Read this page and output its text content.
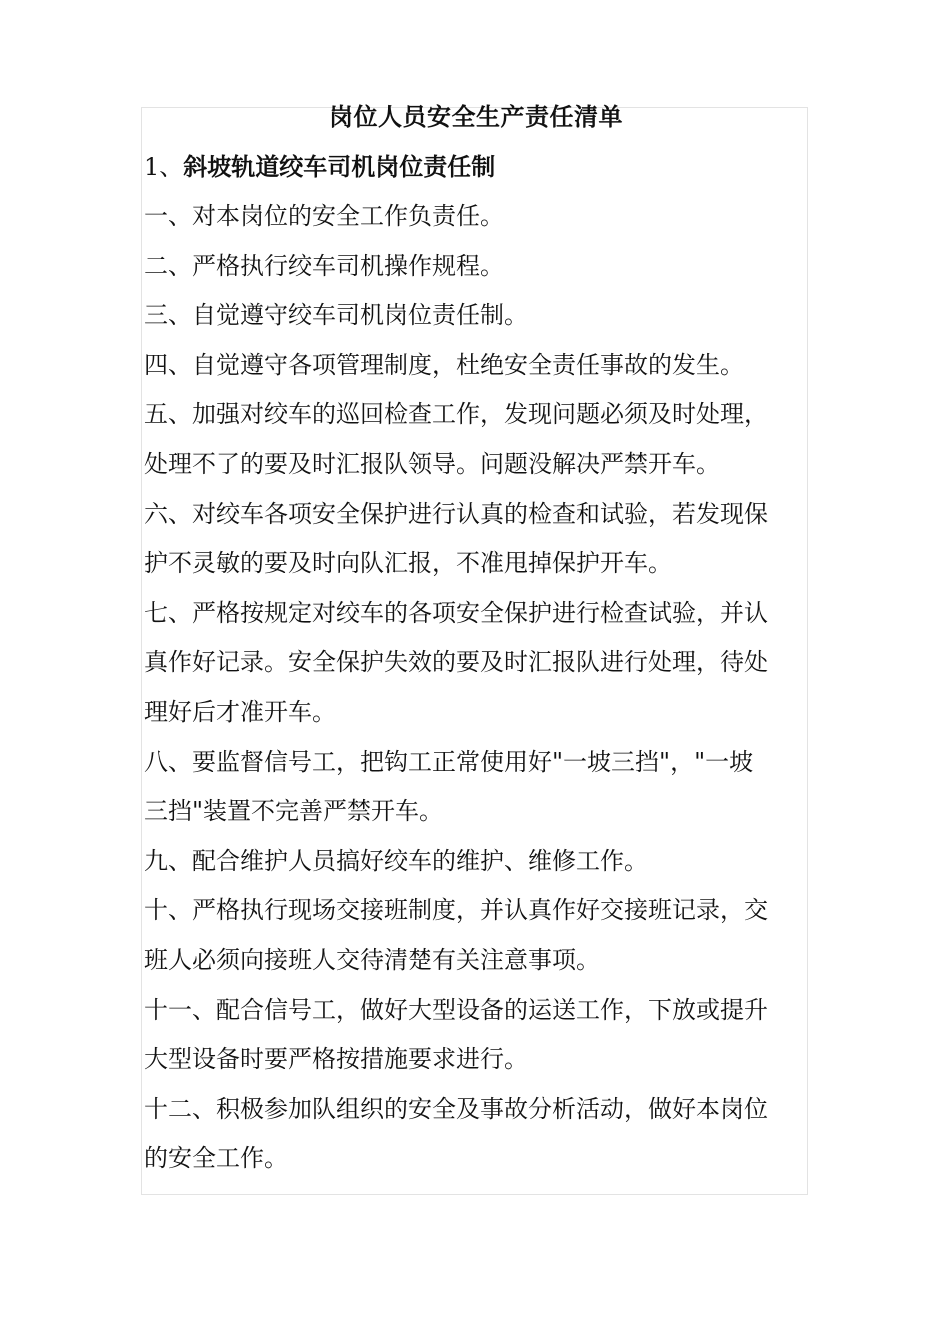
岗位人员安全生产责任清单
1、斜坡轨道绞车司机岗位责任制
一、对本岗位的安全工作负责任。
二、严格执行绞车司机操作规程。
三、自觉遵守绞车司机岗位责任制。
四、自觉遵守各项管理制度，杜绝安全责任事故的发生。
五、加强对绞车的巡回检查工作，发现问题必须及时处理，
处理不了的要及时汇报队领导。问题没解决严禁开车。
六、对绞车各项安全保护进行认真的检查和试验，若发现保
护不灵敏的要及时向队汇报，不准甩掉保护开车。
七、严格按规定对绞车的各项安全保护进行检查试验，并认
真作好记录。安全保护失效的要及时汇报队进行处理，待处
理好后才准开车。
八、要监督信号工，把钩工正常使用好"一坡三挡"，"一坡
三挡"装置不完善严禁开车。
九、配合维护人员搞好绞车的维护、维修工作。
十、严格执行现场交接班制度，并认真作好交接班记录，交
班人必须向接班人交待清楚有关注意事项。
十一、配合信号工，做好大型设备的运送工作，下放或提升
大型设备时要严格按措施要求进行。
十二、积极参加队组织的安全及事故分析活动，做好本岗位
的安全工作。
